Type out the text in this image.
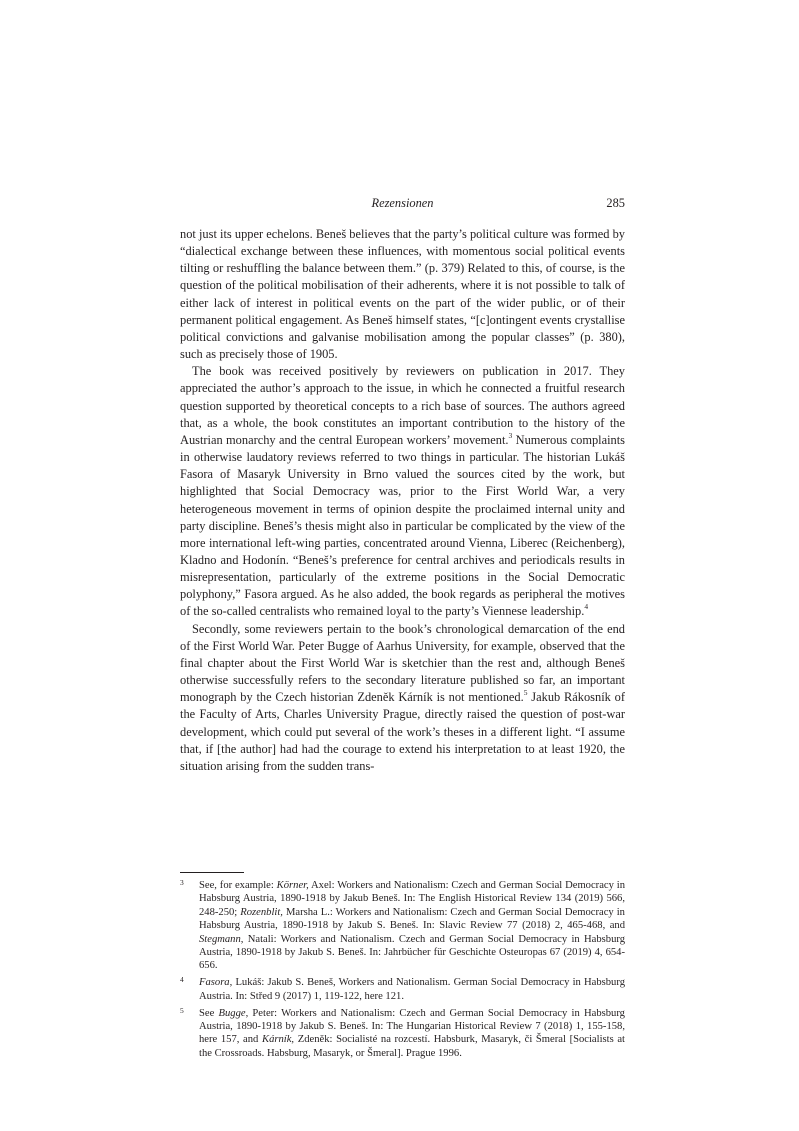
Rezensionen	285

not just its upper echelons. Beneš believes that the party’s political culture was formed by “dialectical exchange between these influences, with momentous social political events tilting or reshuffling the balance between them.” (p. 379) Related to this, of course, is the question of the political mobilisation of their adherents, where it is not possible to talk of either lack of interest in political events on the part of the wider public, or of their permanent political engagement. As Beneš himself states, “[c]ontingent events crystallise political convictions and galvanise mobilisation among the popular classes” (p. 380), such as precisely those of 1905.

The book was received positively by reviewers on publication in 2017. They appreciated the author’s approach to the issue, in which he connected a fruitful research question supported by theoretical concepts to a rich base of sources. The authors agreed that, as a whole, the book constitutes an important contribution to the history of the Austrian monarchy and the central European workers’ movement.$^3$ Numerous complaints in otherwise laudatory reviews referred to two things in particular. The historian Lukáš Fasora of Masaryk University in Brno valued the sources cited by the work, but highlighted that Social Democracy was, prior to the First World War, a very heterogeneous movement in terms of opinion despite the proclaimed internal unity and party discipline. Beneš’s thesis might also in particular be complicated by the view of the more international left-wing parties, concentrated around Vienna, Liberec (Reichenberg), Kladno and Hodonín. “Beneš’s preference for central archives and periodicals results in misrepresentation, particularly of the extreme positions in the Social Democratic polyphony,” Fasora argued. As he also added, the book regards as peripheral the motives of the so-called centralists who remained loyal to the party’s Viennese leadership.$^4$

Secondly, some reviewers pertain to the book’s chronological demarcation of the end of the First World War. Peter Bugge of Aarhus University, for example, observed that the final chapter about the First World War is sketchier than the rest and, although Beneš otherwise successfully refers to the secondary literature published so far, an important monograph by the Czech historian Zdeněk Kárník is not mentioned.$^5$ Jakub Rákosník of the Faculty of Arts, Charles University Prague, directly raised the question of post-war development, which could put several of the work’s theses in a different light. “I assume that, if [the author] had had the courage to extend his interpretation to at least 1920, the situation arising from the sudden trans-

3 See, for example: Körner, Axel: Workers and Nationalism: Czech and German Social Democracy in Habsburg Austria, 1890-1918 by Jakub Beneš. In: The English Historical Review 134 (2019) 566, 248-250; Rozenblit, Marsha L.: Workers and Nationalism: Czech and German Social Democracy in Habsburg Austria, 1890-1918 by Jakub S. Beneš. In: Slavic Review 77 (2018) 2, 465-468, and Stegmann, Natali: Workers and Nationalism. Czech and German Social Democracy in Habsburg Austria, 1890-1918 by Jakub S. Beneš. In: Jahrbücher für Geschichte Osteuropas 67 (2019) 4, 654-656.
4 Fasora, Lukáš: Jakub S. Beneš, Workers and Nationalism. German Social Democracy in Habsburg Austria. In: Střed 9 (2017) 1, 119-122, here 121.
5 See Bugge, Peter: Workers and Nationalism: Czech and German Social Democracy in Habsburg Austria, 1890-1918 by Jakub S. Beneš. In: The Hungarian Historical Review 7 (2018) 1, 155-158, here 157, and Kárník, Zdeněk: Socialisté na rozcestí. Habsburk, Masaryk, či Šmeral [Socialists at the Crossroads. Habsburg, Masaryk, or Šmeral]. Prague 1996.
